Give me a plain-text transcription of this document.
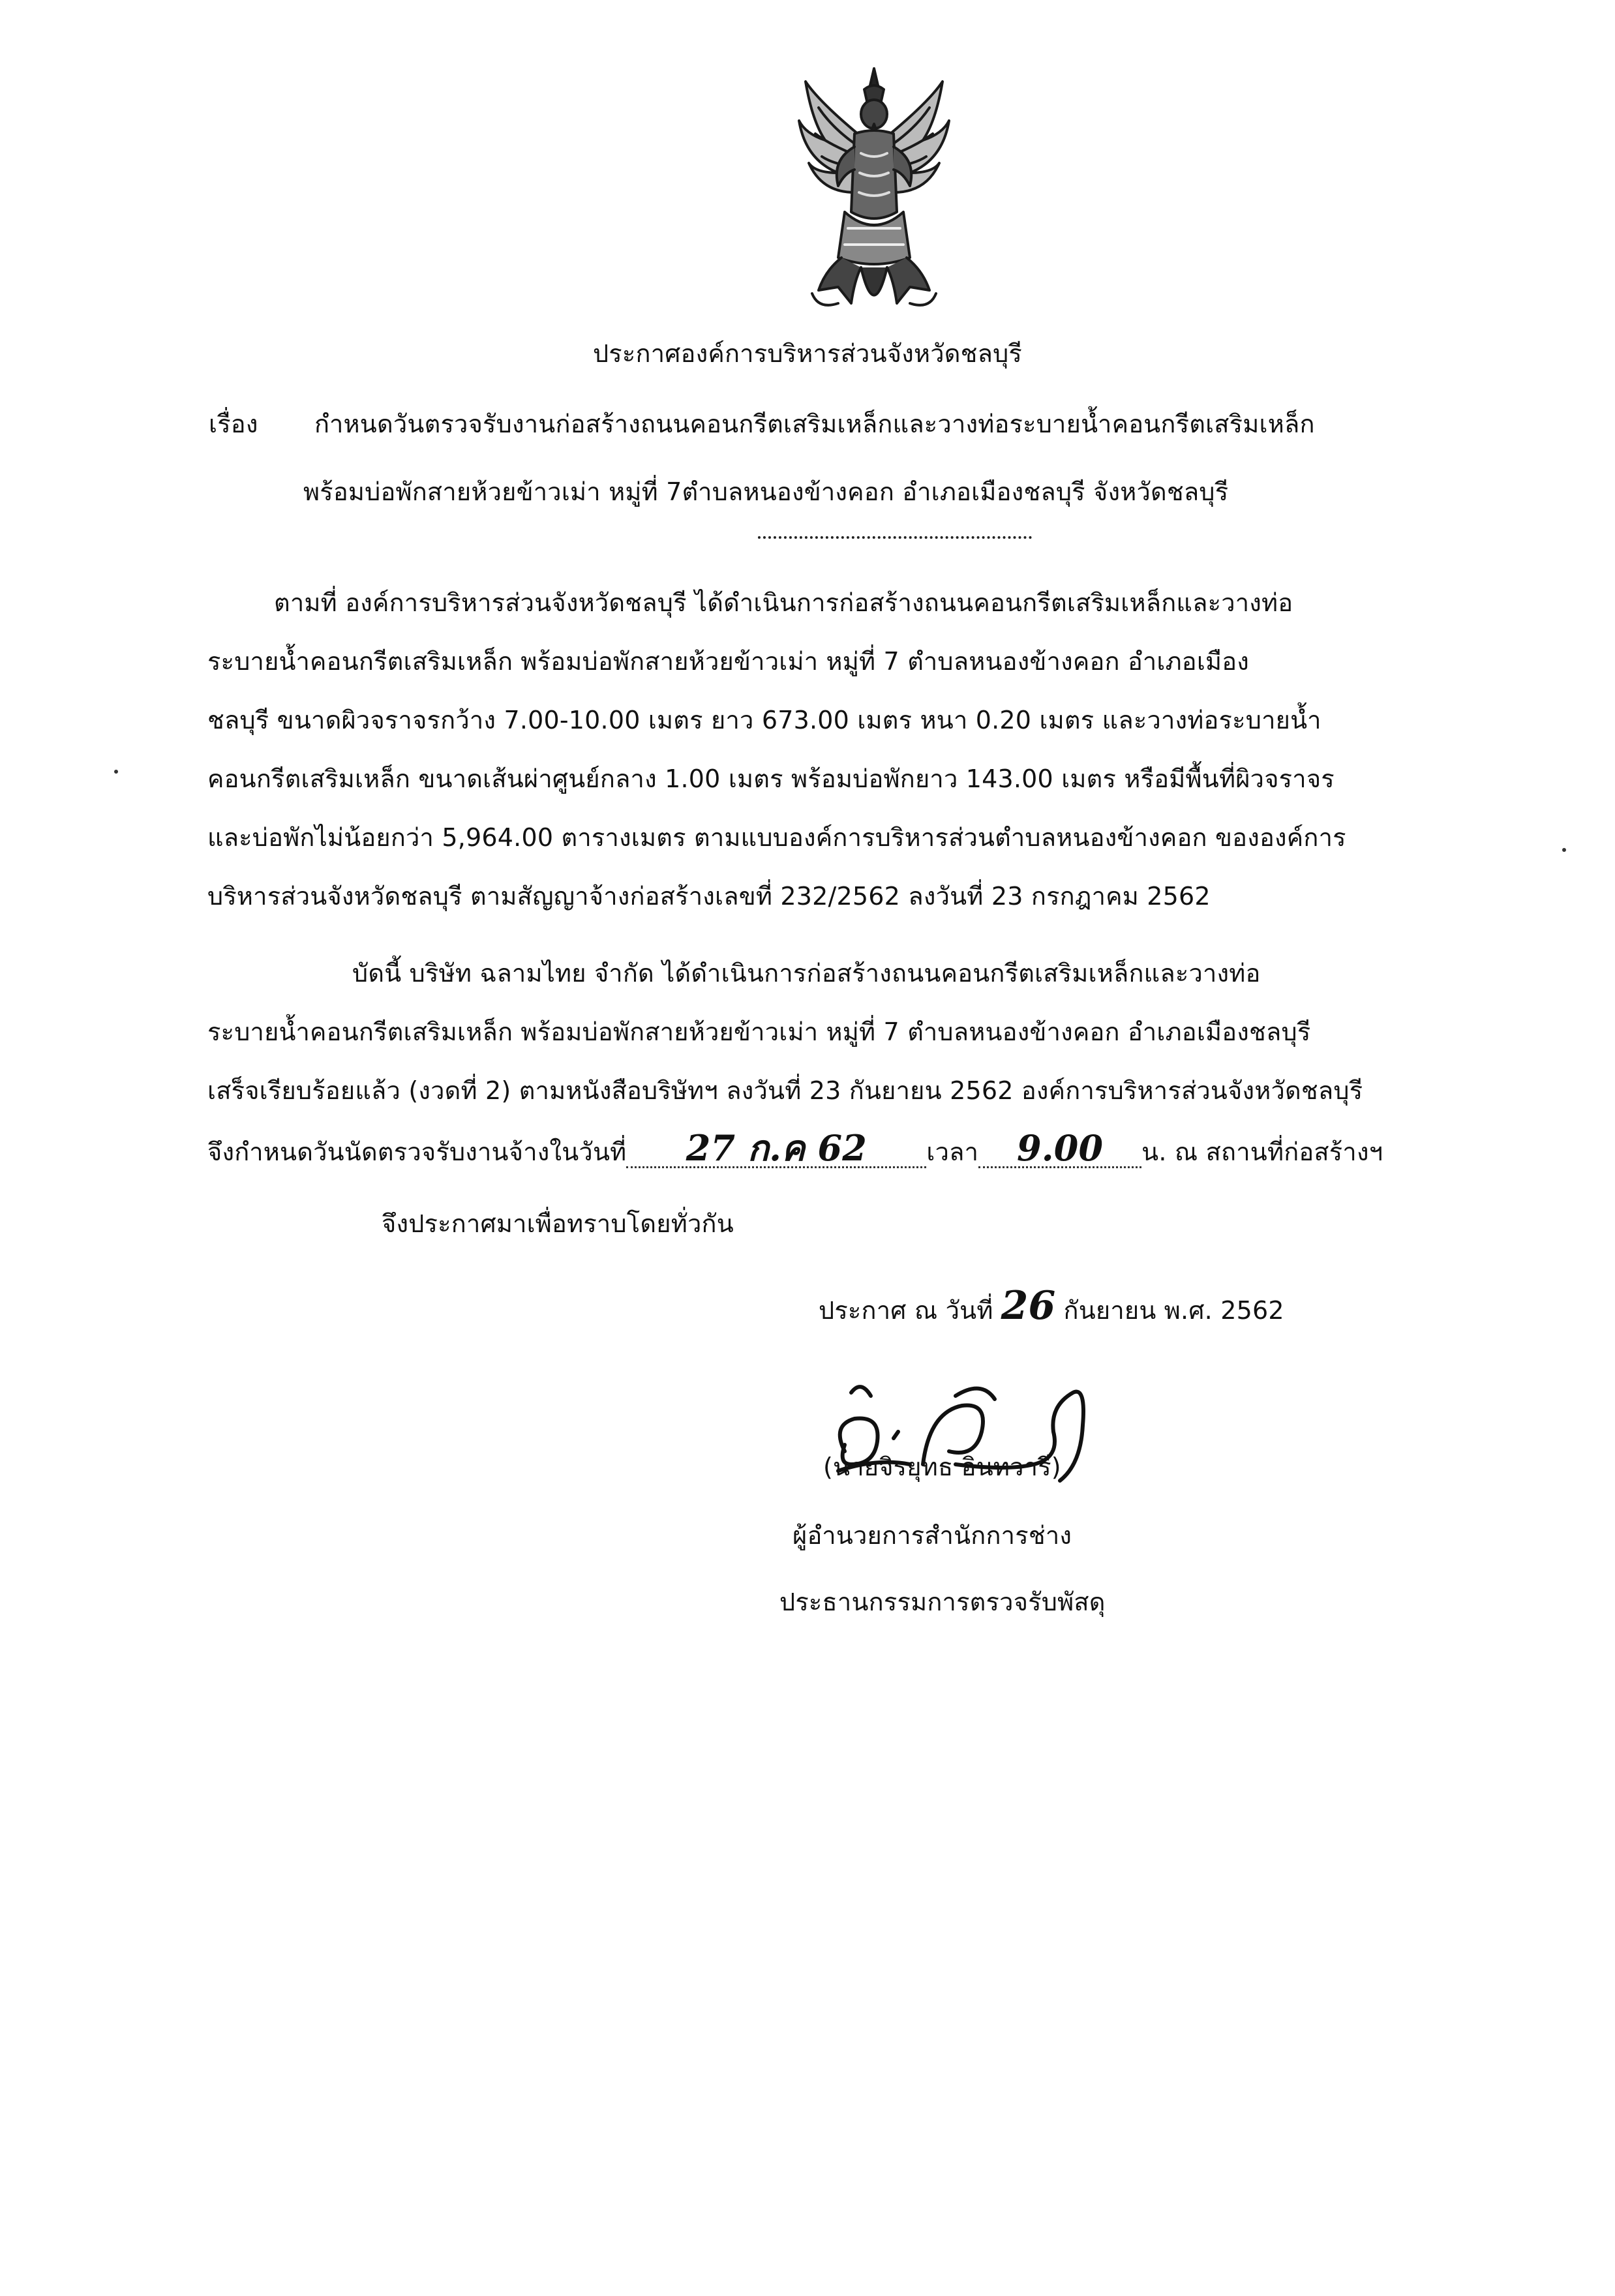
ประกาศองค์การบริหารส่วนจังหวัดชลบุรี
เรื่อง กำหนดวันตรวจรับงานก่อสร้างถนนคอนกรีตเสริมเหล็กและวางท่อระบายน้ำคอนกรีตเสริมเหล็ก
พร้อมบ่อพักสายห้วยข้าวเม่า หมู่ที่ 7ตำบลหนองข้างคอก อำเภอเมืองชลบุรี จังหวัดชลบุรี
ตามที่ องค์การบริหารส่วนจังหวัดชลบุรี ได้ดำเนินการก่อสร้างถนนคอนกรีตเสริมเหล็กและวางท่อ
ระบายน้ำคอนกรีตเสริมเหล็ก พร้อมบ่อพักสายห้วยข้าวเม่า หมู่ที่ 7 ตำบลหนองข้างคอก อำเภอเมือง
ชลบุรี ขนาดผิวจราจรกว้าง 7.00-10.00 เมตร ยาว 673.00 เมตร หนา 0.20 เมตร และวางท่อระบายน้ำ
คอนกรีตเสริมเหล็ก ขนาดเส้นผ่าศูนย์กลาง 1.00 เมตร พร้อมบ่อพักยาว 143.00 เมตร หรือมีพื้นที่ผิวจราจร
และบ่อพักไม่น้อยกว่า 5,964.00 ตารางเมตร ตามแบบองค์การบริหารส่วนตำบลหนองข้างคอก ขององค์การ
บริหารส่วนจังหวัดชลบุรี ตามสัญญาจ้างก่อสร้างเลขที่ 232/2562 ลงวันที่ 23 กรกฎาคม 2562
บัดนี้ บริษัท ฉลามไทย จำกัด ได้ดำเนินการก่อสร้างถนนคอนกรีตเสริมเหล็กและวางท่อ
ระบายน้ำคอนกรีตเสริมเหล็ก พร้อมบ่อพักสายห้วยข้าวเม่า หมู่ที่ 7 ตำบลหนองข้างคอก อำเภอเมืองชลบุรี
เสร็จเรียบร้อยแล้ว (งวดที่ 2) ตามหนังสือบริษัทฯ ลงวันที่ 23 กันยายน 2562 องค์การบริหารส่วนจังหวัดชลบุรี
จึงกำหนดวันนัดตรวจรับงานจ้างในวันที่ 27 ก.ค 62 เวลา 9.00 น. ณ สถานที่ก่อสร้างฯ
จึงประกาศมาเพื่อทราบโดยทั่วกัน
ประกาศ ณ วันที่ 26 กันยายน พ.ศ. 2562
(นายจิรยุทธ อินทวารี)
ผู้อำนวยการสำนักการช่าง
ประธานกรรมการตรวจรับพัสดุ
